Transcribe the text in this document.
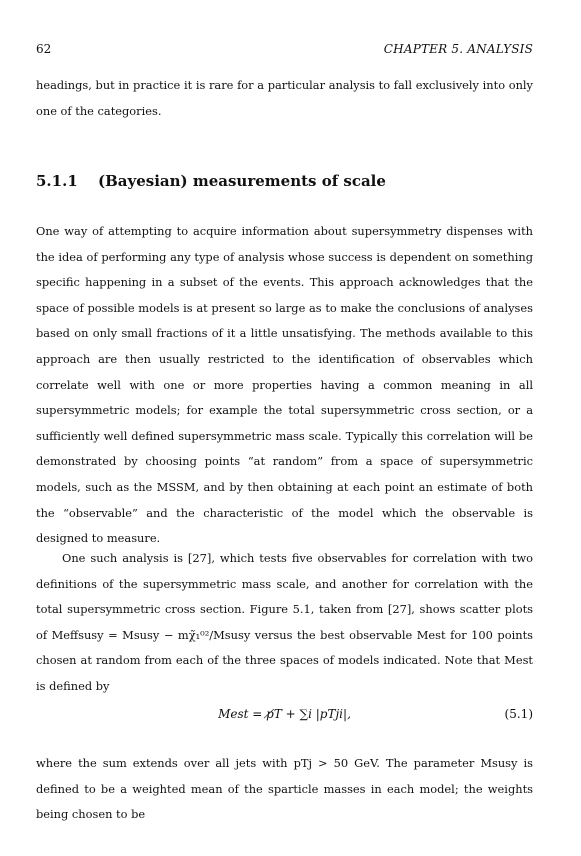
62	CHAPTER 5. ANALYSIS

headings, but in practice it is rare for a particular analysis to fall exclusively into only one of the categories.

5.1.1 (Bayesian) measurements of scale

One way of attempting to acquire information about supersymmetry dispenses with the idea of performing any type of analysis whose success is dependent on something specific happening in a subset of the events. This approach acknowledges that the space of possible models is at present so large as to make the conclusions of analyses based on only small fractions of it a little unsatisfying. The methods available to this approach are then usually restricted to the identification of observables which correlate well with one or more properties having a common meaning in all supersymmetric models; for example the total supersymmetric cross section, or a sufficiently well defined supersymmetric mass scale. Typically this correlation will be demonstrated by choosing points “at random” from a space of supersymmetric models, such as the MSSM, and by then obtaining at each point an estimate of both the “observable” and the characteristic of the model which the observable is designed to measure.

One such analysis is [27], which tests five observables for correlation with two definitions of the supersymmetric mass scale, and another for correlation with the total supersymmetric cross section. Figure 5.1, taken from [27], shows scatter plots of Meffsusy = Msusy − mχ̃₁⁰²/Msusy versus the best observable Mest for 100 points chosen at random from each of the three spaces of models indicated. Note that Mest is defined by

Mest = p̸T + ∑i |pTji|,	(5.1)

where the sum extends over all jets with pTj > 50 GeV. The parameter Msusy is defined to be a weighted mean of the sparticle masses in each model; the weights being chosen to be
